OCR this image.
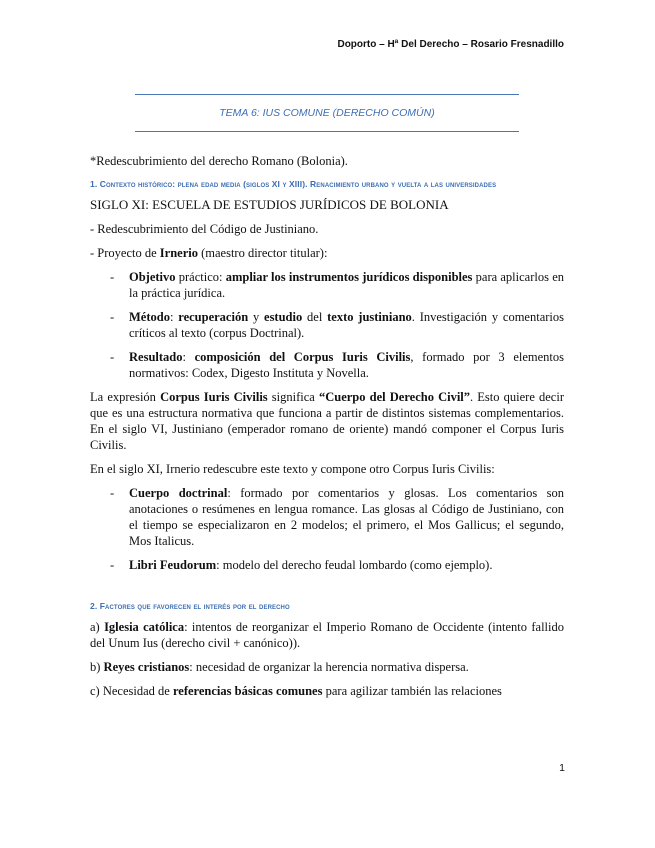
Doporto – Hª Del Derecho – Rosario Fresnadillo
TEMA 6: IUS COMUNE (DERECHO COMÚN)

*Redescubrimiento del derecho Romano (Bolonia).

1. Contexto histórico: plena edad media (siglos XI y XIII). Renacimiento urbano y vuelta a las universidades

SIGLO XI: ESCUELA DE ESTUDIOS JURÍDICOS DE BOLONIA

- Redescubrimiento del Código de Justiniano.

- Proyecto de Irnerio (maestro director titular):

- Objetivo práctico: ampliar los instrumentos jurídicos disponibles para aplicarlos en la práctica jurídica.
- Método: recuperación y estudio del texto justiniano. Investigación y comentarios críticos al texto (corpus Doctrinal).
- Resultado: composición del Corpus Iuris Civilis, formado por 3 elementos normativos: Codex, Digesto Instituta y Novella.

La expresión Corpus Iuris Civilis significa “Cuerpo del Derecho Civil”. Esto quiere decir que es una estructura normativa que funciona a partir de distintos sistemas complementarios. En el siglo VI, Justiniano (emperador romano de oriente) mandó componer el Corpus Iuris Civilis.

En el siglo XI, Irnerio redescubre este texto y compone otro Corpus Iuris Civilis:

- Cuerpo doctrinal: formado por comentarios y glosas. Los comentarios son anotaciones o resúmenes en lengua romance. Las glosas al Código de Justiniano, con el tiempo se especializaron en 2 modelos; el primero, el Mos Gallicus; el segundo, Mos Italicus.
- Libri Feudorum: modelo del derecho feudal lombardo (como ejemplo).
2. Factores que favorecen el interés por el derecho

a) Iglesia católica: intentos de reorganizar el Imperio Romano de Occidente (intento fallido del Unum Ius (derecho civil + canónico)).

b) Reyes cristianos: necesidad de organizar la herencia normativa dispersa.

c) Necesidad de referencias básicas comunes para agilizar también las relaciones

1
